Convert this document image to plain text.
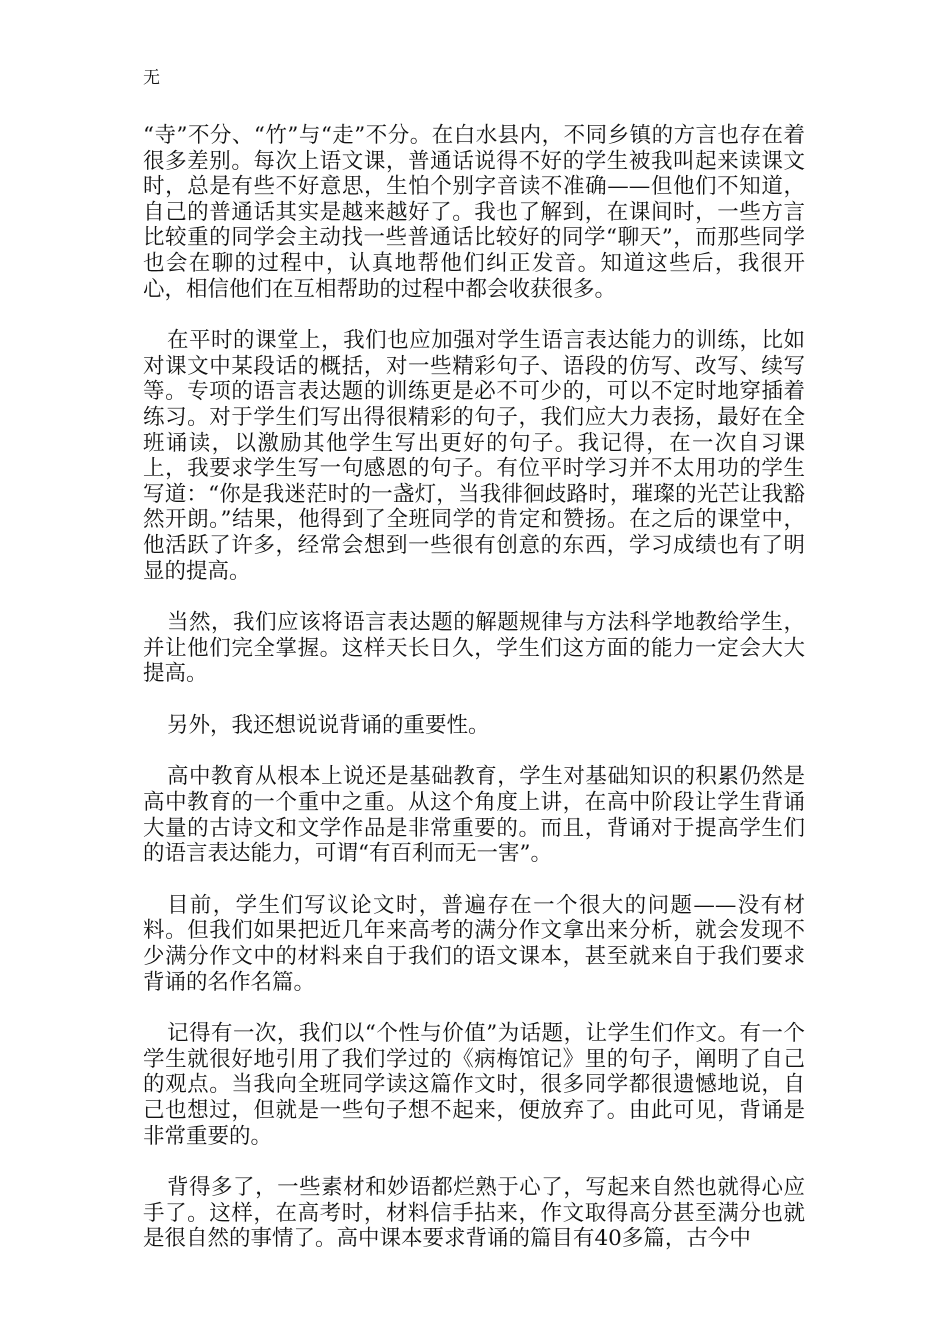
无

“寺”不分、“竹”与“走”不分。在白水县内，不同乡镇的方言也存在着很多差别。每次上语文课，普通话说得不好的学生被我叫起来读课文时，总是有些不好意思，生怕个别字音读不准确——但他们不知道，自己的普通话其实是越来越好了。我也了解到，在课间时，一些方言比较重的同学会主动找一些普通话比较好的同学“聊天”，而那些同学也会在聊的过程中，认真地帮他们纠正发音。知道这些后，我很开心，相信他们在互相帮助的过程中都会收获很多。

在平时的课堂上，我们也应加强对学生语言表达能力的训练，比如对课文中某段话的概括，对一些精彩句子、语段的仿写、改写、续写等。专项的语言表达题的训练更是必不可少的，可以不定时地穿插着练习。对于学生们写出得很精彩的句子，我们应大力表扬，最好在全班诵读，以激励其他学生写出更好的句子。我记得，在一次自习课上，我要求学生写一句感恩的句子。有位平时学习并不太用功的学生写道：“你是我迷茫时的一盏灯，当我徘徊歧路时，璀璨的光芒让我豁然开朗。”结果，他得到了全班同学的肯定和赞扬。在之后的课堂中，他活跃了许多，经常会想到一些很有创意的东西，学习成绩也有了明显的提高。

当然，我们应该将语言表达题的解题规律与方法科学地教给学生，并让他们完全掌握。这样天长日久，学生们这方面的能力一定会大大提高。

另外，我还想说说背诵的重要性。

高中教育从根本上说还是基础教育，学生对基础知识的积累仍然是高中教育的一个重中之重。从这个角度上讲，在高中阶段让学生背诵大量的古诗文和文学作品是非常重要的。而且，背诵对于提高学生们的语言表达能力，可谓“有百利而无一害”。

目前，学生们写议论文时，普遍存在一个很大的问题——没有材料。但我们如果把近几年来高考的满分作文拿出来分析，就会发现不少满分作文中的材料来自于我们的语文课本，甚至就来自于我们要求背诵的名作名篇。

记得有一次，我们以“个性与价值”为话题，让学生们作文。有一个学生就很好地引用了我们学过的《病梅馆记》里的句子，阐明了自己的观点。当我向全班同学读这篇作文时，很多同学都很遗憾地说，自己也想过，但就是一些句子想不起来，便放弃了。由此可见，背诵是非常重要的。

背得多了，一些素材和妙语都烂熟于心了，写起来自然也就得心应手了。这样，在高考时，材料信手拈来，作文取得高分甚至满分也就是很自然的事情了。高中课本要求背诵的篇目有40多篇，古今中
